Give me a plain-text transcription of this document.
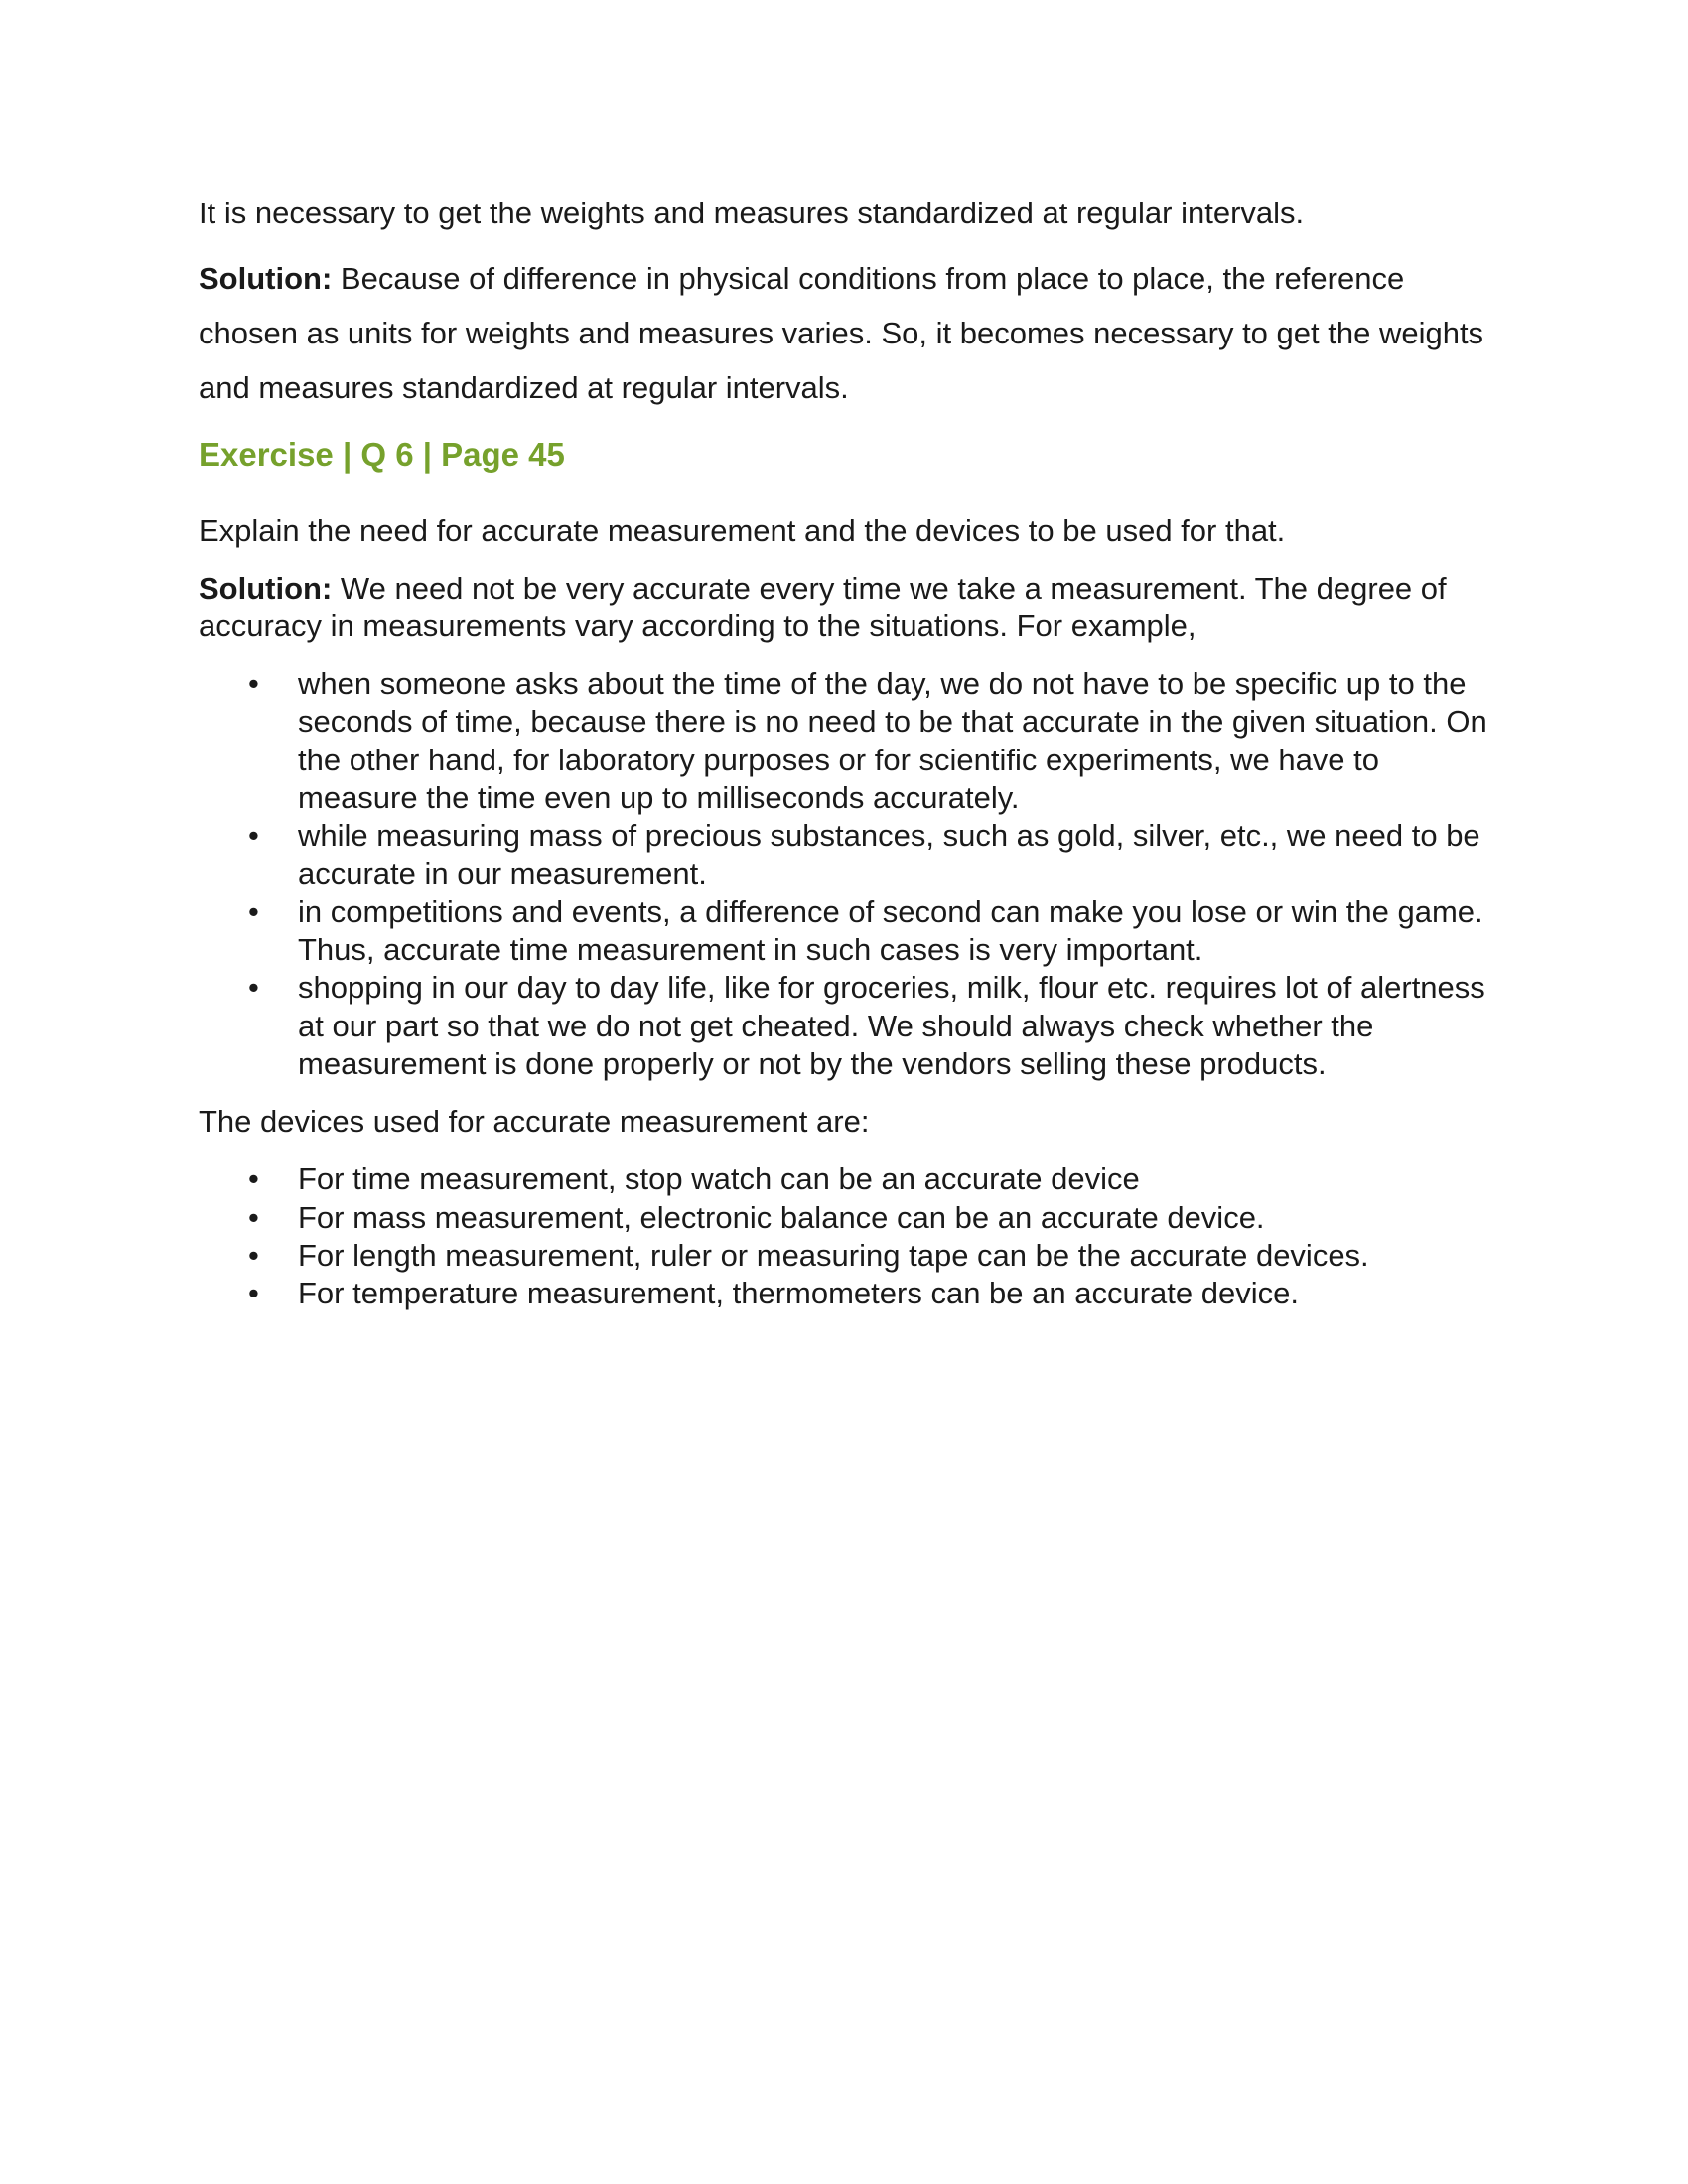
It is necessary to get the weights and measures standardized at regular intervals.

Solution: Because of difference in physical conditions from place to place, the reference chosen as units for weights and measures varies. So, it becomes necessary to get the weights and measures standardized at regular intervals.

Exercise | Q 6 | Page 45

Explain the need for accurate measurement and the devices to be used for that.

Solution: We need not be very accurate every time we take a measurement. The degree of accuracy in measurements vary according to the situations. For example,

• when someone asks about the time of the day, we do not have to be specific up to the seconds of time, because there is no need to be that accurate in the given situation. On the other hand, for laboratory purposes or for scientific experiments, we have to measure the time even up to milliseconds accurately.
• while measuring mass of precious substances, such as gold, silver, etc., we need to be accurate in our measurement.
• in competitions and events, a difference of second can make you lose or win the game. Thus, accurate time measurement in such cases is very important.
• shopping in our day to day life, like for groceries, milk, flour etc. requires lot of alertness at our part so that we do not get cheated. We should always check whether the measurement is done properly or not by the vendors selling these products.

The devices used for accurate measurement are:

• For time measurement, stop watch can be an accurate device
• For mass measurement, electronic balance can be an accurate device.
• For length measurement, ruler or measuring tape can be the accurate devices.
• For temperature measurement, thermometers can be an accurate device.
